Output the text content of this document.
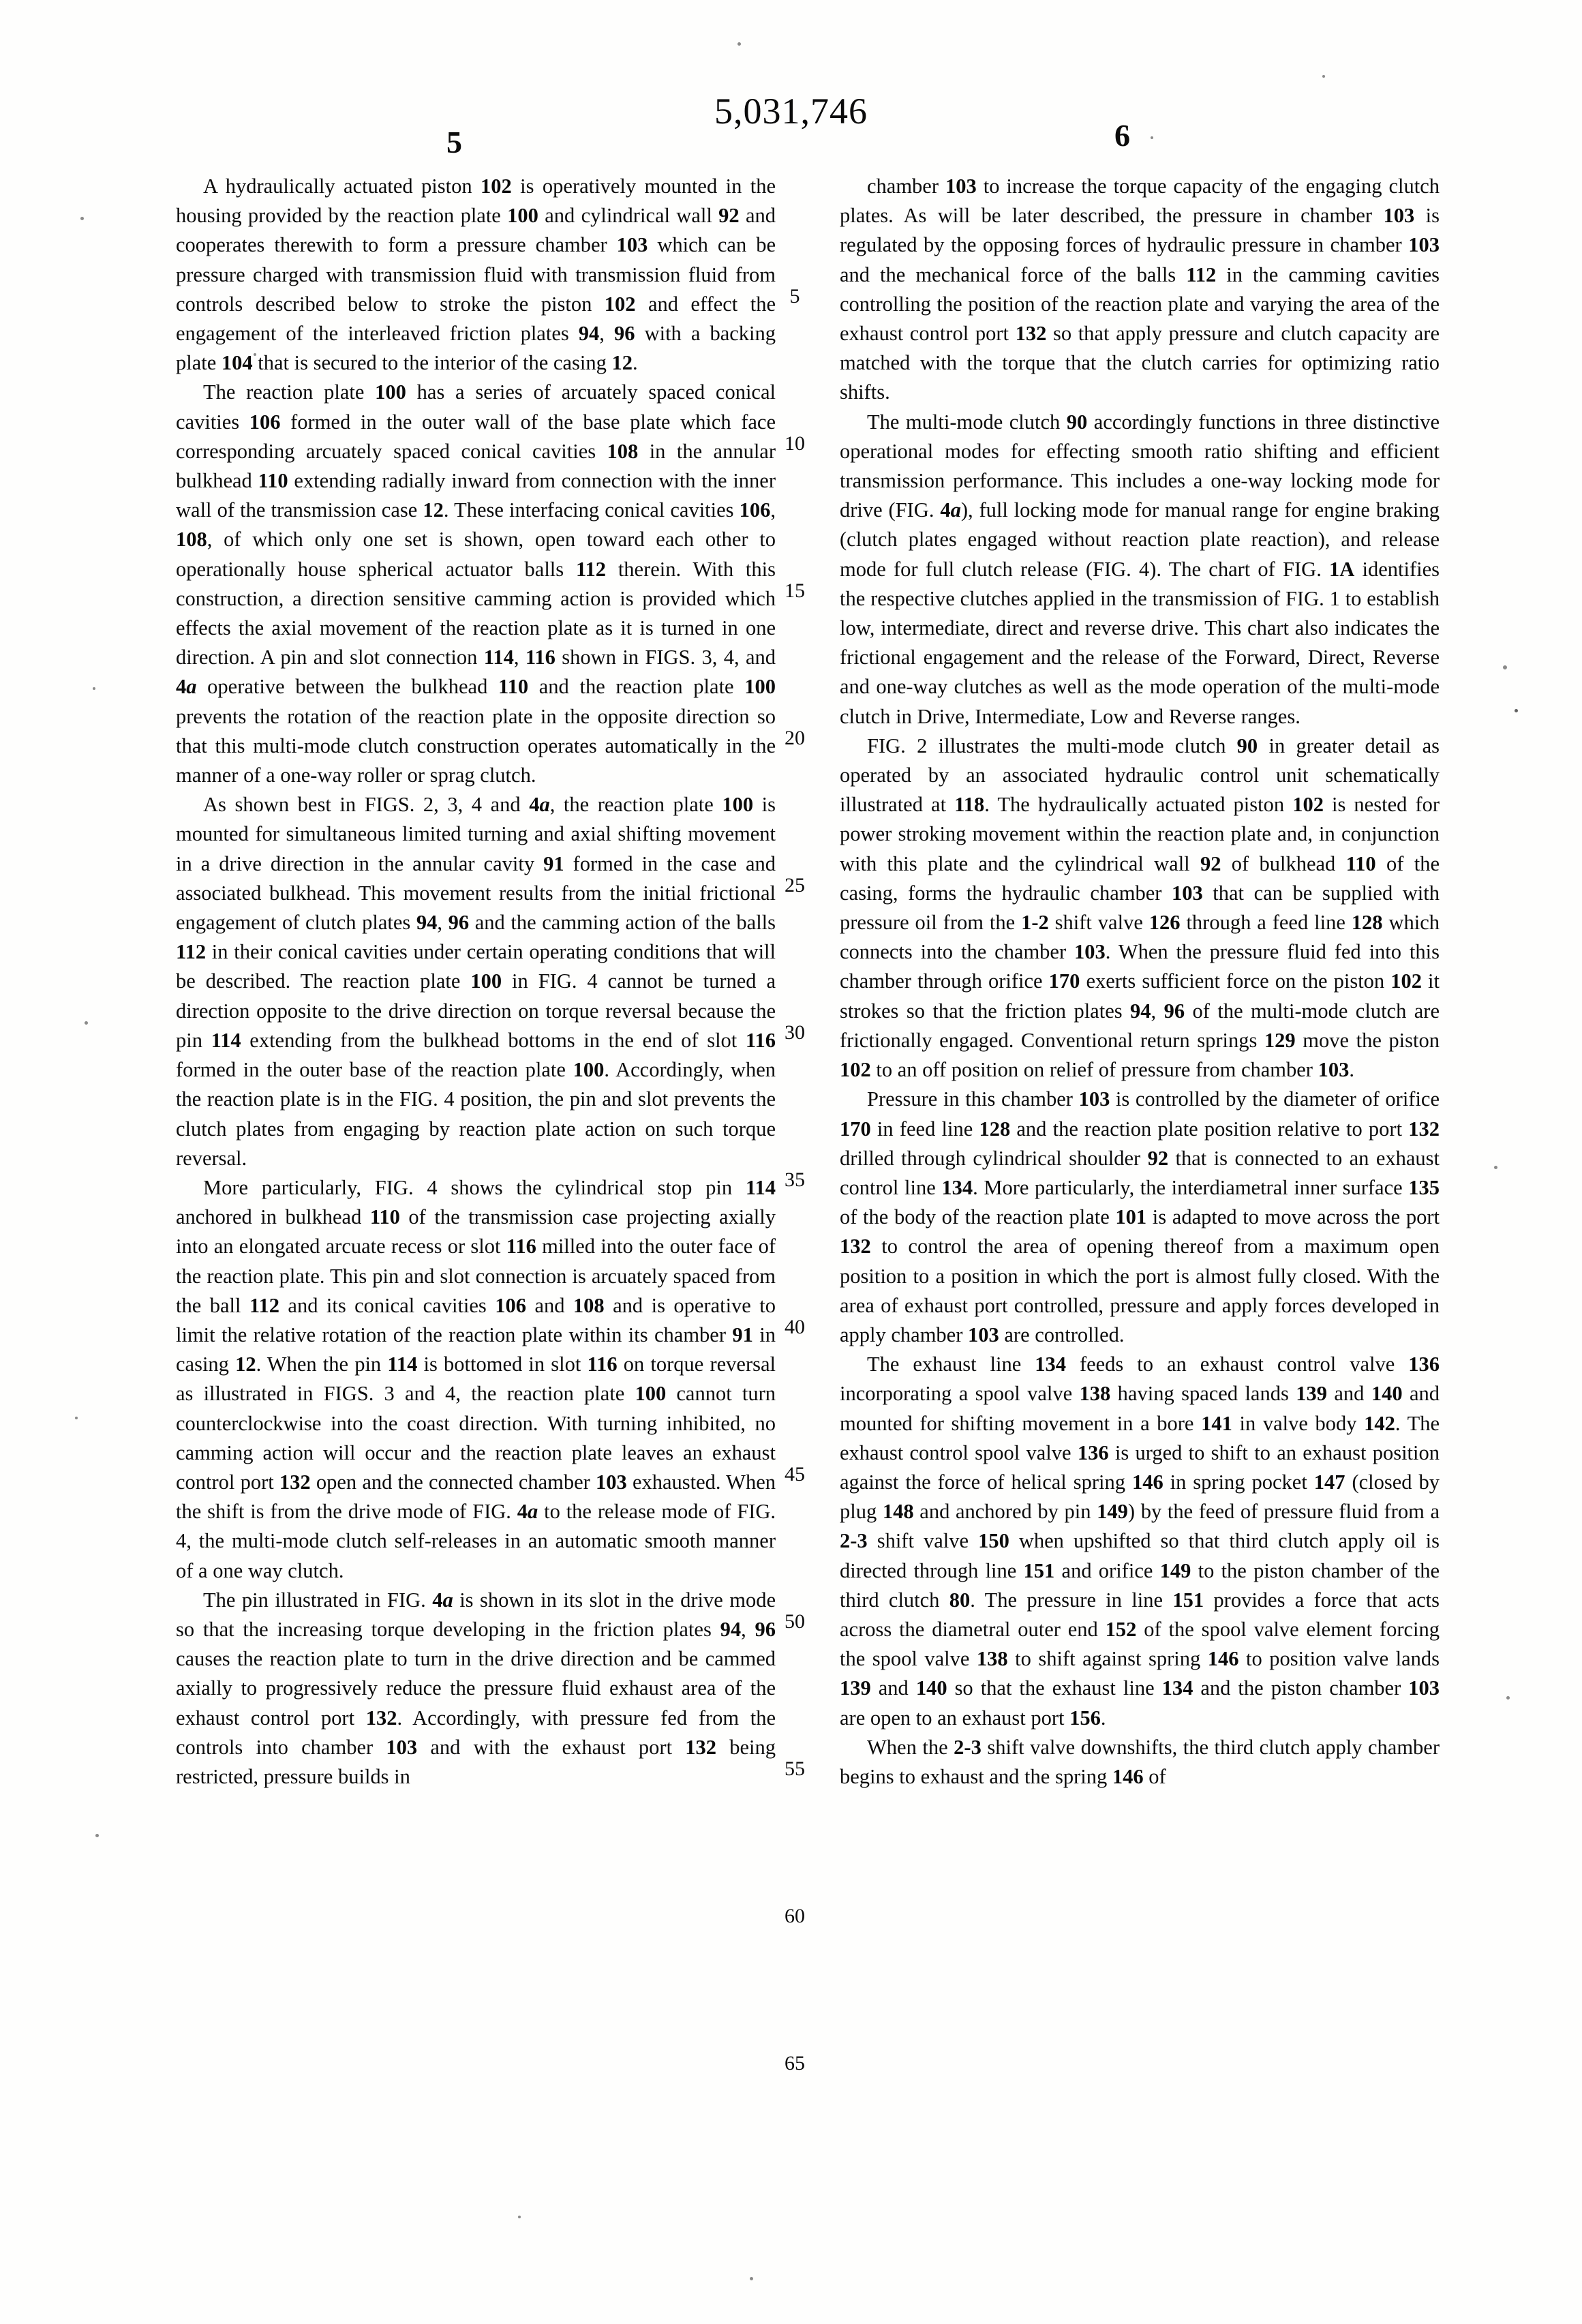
5,031,746
5	6

A hydraulically actuated piston 102 is operatively mounted in the housing provided by the reaction plate 100 and cylindrical wall 92 and cooperates therewith to form a pressure chamber 103 which can be pressure charged with transmission fluid with transmission fluid from controls described below to stroke the piston 102 and effect the engagement of the interleaved friction plates 94, 96 with a backing plate 104 that is secured to the interior of the casing 12.

The reaction plate 100 has a series of arcuately spaced conical cavities 106 formed in the outer wall of the base plate which face corresponding arcuately spaced conical cavities 108 in the annular bulkhead 110 extending radially inward from connection with the inner wall of the transmission case 12. These interfacing conical cavities 106, 108, of which only one set is shown, open toward each other to operationally house spherical actuator balls 112 therein. With this construction, a direction sensitive camming action is provided which effects the axial movement of the reaction plate as it is turned in one direction. A pin and slot connection 114, 116 shown in FIGS. 3, 4, and 4a operative between the bulkhead 110 and the reaction plate 100 prevents the rotation of the reaction plate in the opposite direction so that this multi-mode clutch construction operates automatically in the manner of a one-way roller or sprag clutch.

As shown best in FIGS. 2, 3, 4 and 4a, the reaction plate 100 is mounted for simultaneous limited turning and axial shifting movement in a drive direction in the annular cavity 91 formed in the case and associated bulkhead. This movement results from the initial frictional engagement of clutch plates 94, 96 and the camming action of the balls 112 in their conical cavities under certain operating conditions that will be described. The reaction plate 100 in FIG. 4 cannot be turned a direction opposite to the drive direction on torque reversal because the pin 114 extending from the bulkhead bottoms in the end of slot 116 formed in the outer base of the reaction plate 100. Accordingly, when the reaction plate is in the FIG. 4 position, the pin and slot prevents the clutch plates from engaging by reaction plate action on such torque reversal.

More particularly, FIG. 4 shows the cylindrical stop pin 114 anchored in bulkhead 110 of the transmission case projecting axially into an elongated arcuate recess or slot 116 milled into the outer face of the reaction plate. This pin and slot connection is arcuately spaced from the ball 112 and its conical cavities 106 and 108 and is operative to limit the relative rotation of the reaction plate within its chamber 91 in casing 12. When the pin 114 is bottomed in slot 116 on torque reversal as illustrated in FIGS. 3 and 4, the reaction plate 100 cannot turn counterclockwise into the coast direction. With turning inhibited, no camming action will occur and the reaction plate leaves an exhaust control port 132 open and the connected chamber 103 exhausted. When the shift is from the drive mode of FIG. 4a to the release mode of FIG. 4, the multi-mode clutch self-releases in an automatic smooth manner of a one way clutch.

The pin illustrated in FIG. 4a is shown in its slot in the drive mode so that the increasing torque developing in the friction plates 94, 96 causes the reaction plate to turn in the drive direction and be cammed axially to progressively reduce the pressure fluid exhaust area of the exhaust control port 132. Accordingly, with pressure fed from the controls into chamber 103 and with the exhaust port 132 being restricted, pressure builds in

5
10
15
20
25
30
35
40
45
50
55
60
65

chamber 103 to increase the torque capacity of the engaging clutch plates. As will be later described, the pressure in chamber 103 is regulated by the opposing forces of hydraulic pressure in chamber 103 and the mechanical force of the balls 112 in the camming cavities controlling the position of the reaction plate and varying the area of the exhaust control port 132 so that apply pressure and clutch capacity are matched with the torque that the clutch carries for optimizing ratio shifts.

The multi-mode clutch 90 accordingly functions in three distinctive operational modes for effecting smooth ratio shifting and efficient transmission performance. This includes a one-way locking mode for drive (FIG. 4a), full locking mode for manual range for engine braking (clutch plates engaged without reaction plate reaction), and release mode for full clutch release (FIG. 4). The chart of FIG. 1A identifies the respective clutches applied in the transmission of FIG. 1 to establish low, intermediate, direct and reverse drive. This chart also indicates the frictional engagement and the release of the Forward, Direct, Reverse and one-way clutches as well as the mode operation of the multi-mode clutch in Drive, Intermediate, Low and Reverse ranges.

FIG. 2 illustrates the multi-mode clutch 90 in greater detail as operated by an associated hydraulic control unit schematically illustrated at 118. The hydraulically actuated piston 102 is nested for power stroking movement within the reaction plate and, in conjunction with this plate and the cylindrical wall 92 of bulkhead 110 of the casing, forms the hydraulic chamber 103 that can be supplied with pressure oil from the 1-2 shift valve 126 through a feed line 128 which connects into the chamber 103. When the pressure fluid fed into this chamber through orifice 170 exerts sufficient force on the piston 102 it strokes so that the friction plates 94, 96 of the multi-mode clutch are frictionally engaged. Conventional return springs 129 move the piston 102 to an off position on relief of pressure from chamber 103.

Pressure in this chamber 103 is controlled by the diameter of orifice 170 in feed line 128 and the reaction plate position relative to port 132 drilled through cylindrical shoulder 92 that is connected to an exhaust control line 134. More particularly, the interdiametral inner surface 135 of the body of the reaction plate 101 is adapted to move across the port 132 to control the area of opening thereof from a maximum open position to a position in which the port is almost fully closed. With the area of exhaust port controlled, pressure and apply forces developed in apply chamber 103 are controlled.

The exhaust line 134 feeds to an exhaust control valve 136 incorporating a spool valve 138 having spaced lands 139 and 140 and mounted for shifting movement in a bore 141 in valve body 142. The exhaust control spool valve 136 is urged to shift to an exhaust position against the force of helical spring 146 in spring pocket 147 (closed by plug 148 and anchored by pin 149) by the feed of pressure fluid from a 2-3 shift valve 150 when upshifted so that third clutch apply oil is directed through line 151 and orifice 149 to the piston chamber of the third clutch 80. The pressure in line 151 provides a force that acts across the diametral outer end 152 of the spool valve element forcing the spool valve 138 to shift against spring 146 to position valve lands 139 and 140 so that the exhaust line 134 and the piston chamber 103 are open to an exhaust port 156.

When the 2-3 shift valve downshifts, the third clutch apply chamber begins to exhaust and the spring 146 of
